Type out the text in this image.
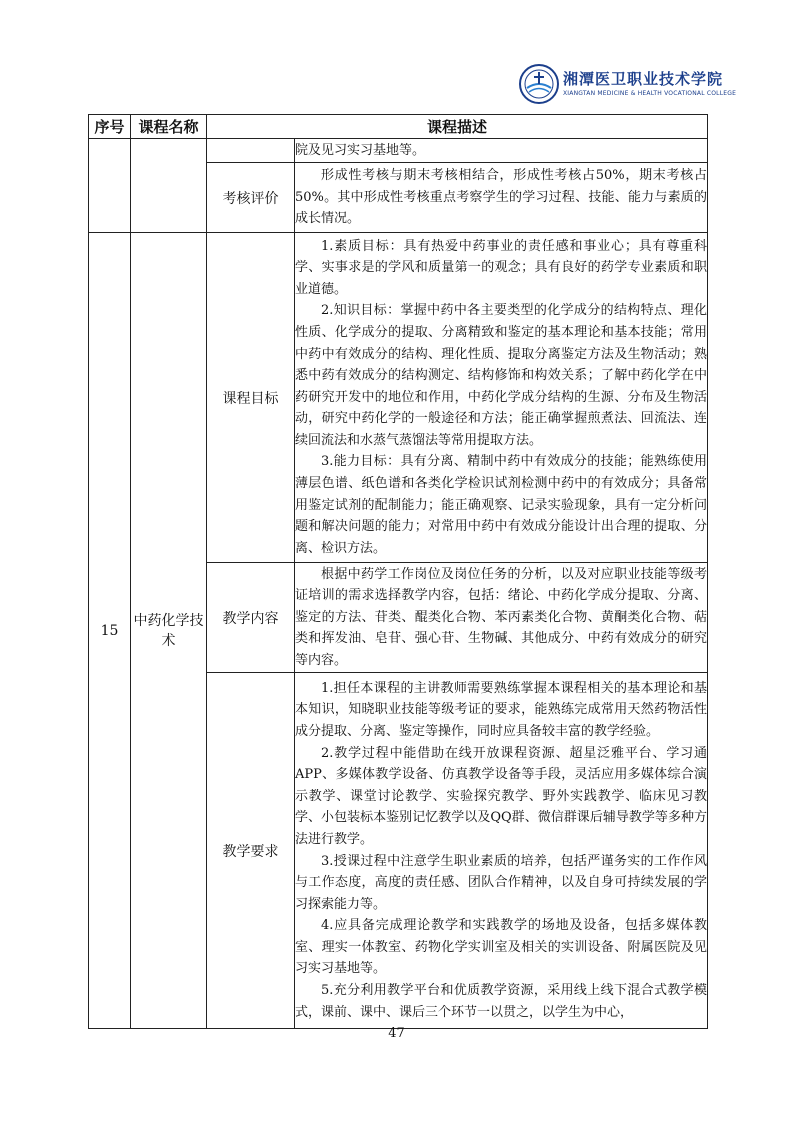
湘潭医卫职业技术学院
XIANGTAN MEDICINE & HEALTH VOCATIONAL COLLEGE
序号	课程名称	课程描述	

			院及见习实习基地等。

		考核评价	形成性考核与期末考核相结合，形成性考核占50%，期末考核占50%。其中形成性考核重点考察学生的学习过程、技能、能力与素质的成长情况。

15	中药化学技术	课程目标	1.素质目标：具有热爱中药事业的责任感和事业心；具有尊重科学、实事求是的学风和质量第一的观念；具有良好的药学专业素质和职业道德。

2.知识目标：掌握中药中各主要类型的化学成分的结构特点、理化性质、化学成分的提取、分离精致和鉴定的基本理论和基本技能；常用中药中有效成分的结构、理化性质、提取分离鉴定方法及生物活动；熟悉中药有效成分的结构测定、结构修饰和构效关系；了解中药化学在中药研究开发中的地位和作用，中药化学成分结构的生源、分布及生物活动，研究中药化学的一般途径和方法；能正确掌握煎煮法、回流法、连续回流法和水蒸气蒸馏法等常用提取方法。

3.能力目标：具有分离、精制中药中有效成分的技能；能熟练使用薄层色谱、纸色谱和各类化学检识试剂检测中药中的有效成分；具备常用鉴定试剂的配制能力；能正确观察、记录实验现象，具有一定分析问题和解决问题的能力；对常用中药中有效成分能设计出合理的提取、分离、检识方法。

		教学内容	根据中药学工作岗位及岗位任务的分析，以及对应职业技能等级考证培训的需求选择教学内容，包括：绪论、中药化学成分提取、分离、鉴定的方法、苷类、醌类化合物、苯丙素类化合物、黄酮类化合物、萜类和挥发油、皂苷、强心苷、生物碱、其他成分、中药有效成分的研究等内容。

		教学要求	1.担任本课程的主讲教师需要熟练掌握本课程相关的基本理论和基本知识，知晓职业技能等级考证的要求，能熟练完成常用天然药物活性成分提取、分离、鉴定等操作，同时应具备较丰富的教学经验。

2.教学过程中能借助在线开放课程资源、超星泛雅平台、学习通APP、多媒体教学设备、仿真教学设备等手段，灵活应用多媒体综合演示教学、课堂讨论教学、实验探究教学、野外实践教学、临床见习教学、小包装标本鉴别记忆教学以及QQ群、微信群课后辅导教学等多种方法进行教学。

3.授课过程中注意学生职业素质的培养，包括严谨务实的工作作风与工作态度，高度的责任感、团队合作精神，以及自身可持续发展的学习探索能力等。

4.应具备完成理论教学和实践教学的场地及设备，包括多媒体教室、理实一体教室、药物化学实训室及相关的实训设备、附属医院及见习实习基地等。

5.充分利用教学平台和优质教学资源，采用线上线下混合式教学模式，课前、课中、课后三个环节一以贯之，以学生为中心，

47
